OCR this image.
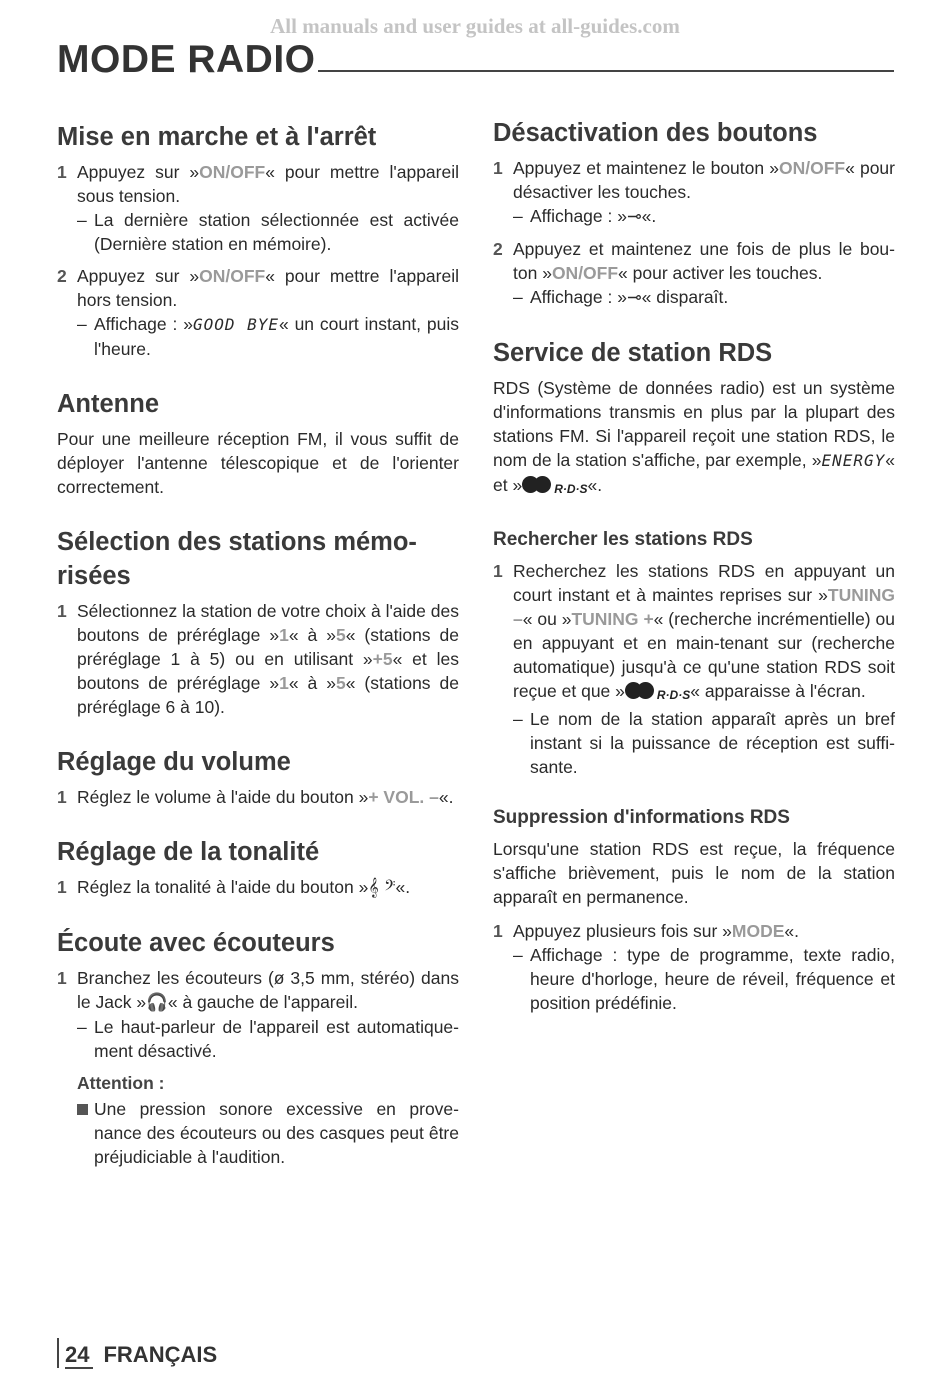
All manuals and user guides at all-guides.com
MODE RADIO
Mise en marche et à l'arrêt
1 Appuyez sur »ON/OFF« pour mettre l'appareil sous tension.
– La dernière station sélectionnée est activée (Dernière station en mémoire).
2 Appuyez sur »ON/OFF« pour mettre l'appareil hors tension.
– Affichage : »GOOD BYE« un court instant, puis l'heure.
Antenne

Pour une meilleure réception FM, il vous suffit de déployer l'antenne télescopique et de l'orienter correctement.

Sélection des stations mémo-risées
1 Sélectionnez la station de votre choix à l'aide des boutons de préréglage »1« à »5« (stations de préréglage 1 à 5) ou en utilisant »+5« et les boutons de préréglage »1« à »5« (stations de préréglage 6 à 10).
Réglage du volume
1 Réglez le volume à l'aide du bouton »+ VOL. –«.
Réglage de la tonalité
1 Réglez la tonalité à l'aide du bouton »𝄞 𝄢«.
Écoute avec écouteurs
1 Branchez les écouteurs (ø 3,5 mm, stéréo) dans le Jack »🎧« à gauche de l'appareil.
– Le haut-parleur de l'appareil est automatique-ment désactivé.
Attention :
Une pression sonore excessive en prove-nance des écouteurs ou des casques peut être préjudiciable à l'audition.
Désactivation des boutons
1 Appuyez et maintenez le bouton »ON/OFF« pour désactiver les touches.
– Affichage : »⊸«.
2 Appuyez et maintenez une fois de plus le bou-ton »ON/OFF« pour activer les touches.
– Affichage : »⊸« disparaît.
Service de station RDS

RDS (Système de données radio) est un système d'informations transmis en plus par la plupart des stations FM. Si l'appareil reçoit une station RDS, le nom de la station s'affiche, par exemple, »ENERGY« et »	R·D·S«.

Rechercher les stations RDS
1 Recherchez les stations RDS en appuyant un court instant et à maintes reprises sur »TUNING –« ou »TUNING +« (recherche incrémentielle) ou en appuyant et en main-tenant sur (recherche automatique) jusqu'à ce qu'une station RDS soit reçue et que »	R·D·S« apparaisse à l'écran.
– Le nom de la station apparaît après un bref instant si la puissance de réception est suffi-sante.
Suppression d'informations RDS

Lorsqu'une station RDS est reçue, la fréquence s'affiche brièvement, puis le nom de la station apparaît en permanence.

1 Appuyez plusieurs fois sur »MODE«.
– Affichage : type de programme, texte radio, heure d'horloge, heure de réveil, fréquence et position prédéfinie.
24 FRANÇAIS
